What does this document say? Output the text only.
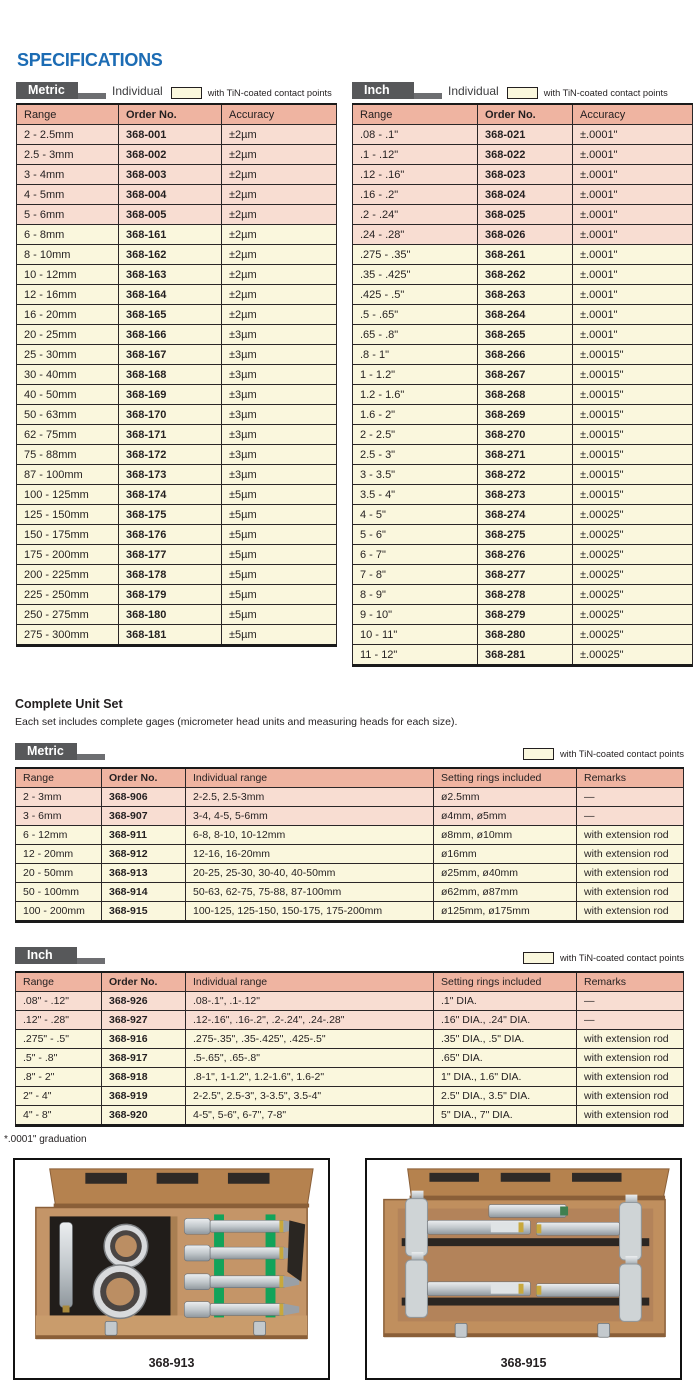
SPECIFICATIONS
Metric	Individual	with TiN-coated contact points
Range	Order No.	Accuracy
2 - 2.5mm	368-001	±2µm
2.5 - 3mm	368-002	±2µm
3 - 4mm	368-003	±2µm
4 - 5mm	368-004	±2µm
5 - 6mm	368-005	±2µm
6 - 8mm	368-161	±2µm
8 - 10mm	368-162	±2µm
10 - 12mm	368-163	±2µm
12 - 16mm	368-164	±2µm
16 - 20mm	368-165	±2µm
20 - 25mm	368-166	±3µm
25 - 30mm	368-167	±3µm
30 - 40mm	368-168	±3µm
40 - 50mm	368-169	±3µm
50 - 63mm	368-170	±3µm
62 - 75mm	368-171	±3µm
75 - 88mm	368-172	±3µm
87 - 100mm	368-173	±3µm
100 - 125mm	368-174	±5µm
125 - 150mm	368-175	±5µm
150 - 175mm	368-176	±5µm
175 - 200mm	368-177	±5µm
200 - 225mm	368-178	±5µm
225 - 250mm	368-179	±5µm
250 - 275mm	368-180	±5µm
275 - 300mm	368-181	±5µm
Inch	Individual	with TiN-coated contact points
Range	Order No.	Accuracy
.08 - .1"	368-021	±.0001"
.1 - .12"	368-022	±.0001"
.12 - .16"	368-023	±.0001"
.16 - .2"	368-024	±.0001"
.2 - .24"	368-025	±.0001"
.24 - .28"	368-026	±.0001"
.275 - .35"	368-261	±.0001"
.35 - .425"	368-262	±.0001"
.425 - .5"	368-263	±.0001"
.5 - .65"	368-264	±.0001"
.65 - .8"	368-265	±.0001"
.8 - 1"	368-266	±.00015"
1 - 1.2"	368-267	±.00015"
1.2 - 1.6"	368-268	±.00015"
1.6 - 2"	368-269	±.00015"
2 - 2.5"	368-270	±.00015"
2.5 - 3"	368-271	±.00015"
3 - 3.5"	368-272	±.00015"
3.5 - 4"	368-273	±.00015"
4 - 5"	368-274	±.00025"
5 - 6"	368-275	±.00025"
6 - 7"	368-276	±.00025"
7 - 8"	368-277	±.00025"
8 - 9"	368-278	±.00025"
9 - 10"	368-279	±.00025"
10 - 11"	368-280	±.00025"
11 - 12"	368-281	±.00025"

Complete Unit Set

Each set includes complete gages (micrometer head units and measuring heads for each size).

Metric	with TiN-coated contact points
Range	Order No.	Individual range	Setting rings included	Remarks
2 - 3mm	368-906	2-2.5, 2.5-3mm	ø2.5mm	—
3 - 6mm	368-907	3-4, 4-5, 5-6mm	ø4mm, ø5mm	—
6 - 12mm	368-911	6-8, 8-10, 10-12mm	ø8mm, ø10mm	with extension rod
12 - 20mm	368-912	12-16, 16-20mm	ø16mm	with extension rod
20 - 50mm	368-913	20-25, 25-30, 30-40, 40-50mm	ø25mm, ø40mm	with extension rod
50 - 100mm	368-914	50-63, 62-75, 75-88, 87-100mm	ø62mm, ø87mm	with extension rod
100 - 200mm	368-915	100-125, 125-150, 150-175, 175-200mm	ø125mm, ø175mm	with extension rod
Inch	with TiN-coated contact points
Range	Order No.	Individual range	Setting rings included	Remarks
.08" - .12"	368-926	.08-.1", .1-.12"	.1" DIA.	—
.12" - .28"	368-927	.12-.16", .16-.2", .2-.24", .24-.28"	.16" DIA., .24" DIA.	—
.275" - .5"	368-916	.275-.35", .35-.425", .425-.5"	.35" DIA., .5" DIA.	with extension rod
.5" - .8"	368-917	.5-.65", .65-.8"	.65" DIA.	with extension rod
.8" - 2"	368-918	.8-1", 1-1.2", 1.2-1.6", 1.6-2"	1" DIA., 1.6" DIA.	with extension rod
2" - 4"	368-919	2-2.5", 2.5-3", 3-3.5", 3.5-4"	2.5" DIA., 3.5" DIA.	with extension rod
4" - 8"	368-920	4-5", 5-6", 6-7", 7-8"	5" DIA., 7" DIA.	with extension rod

*.0001" graduation

368-913	368-915
